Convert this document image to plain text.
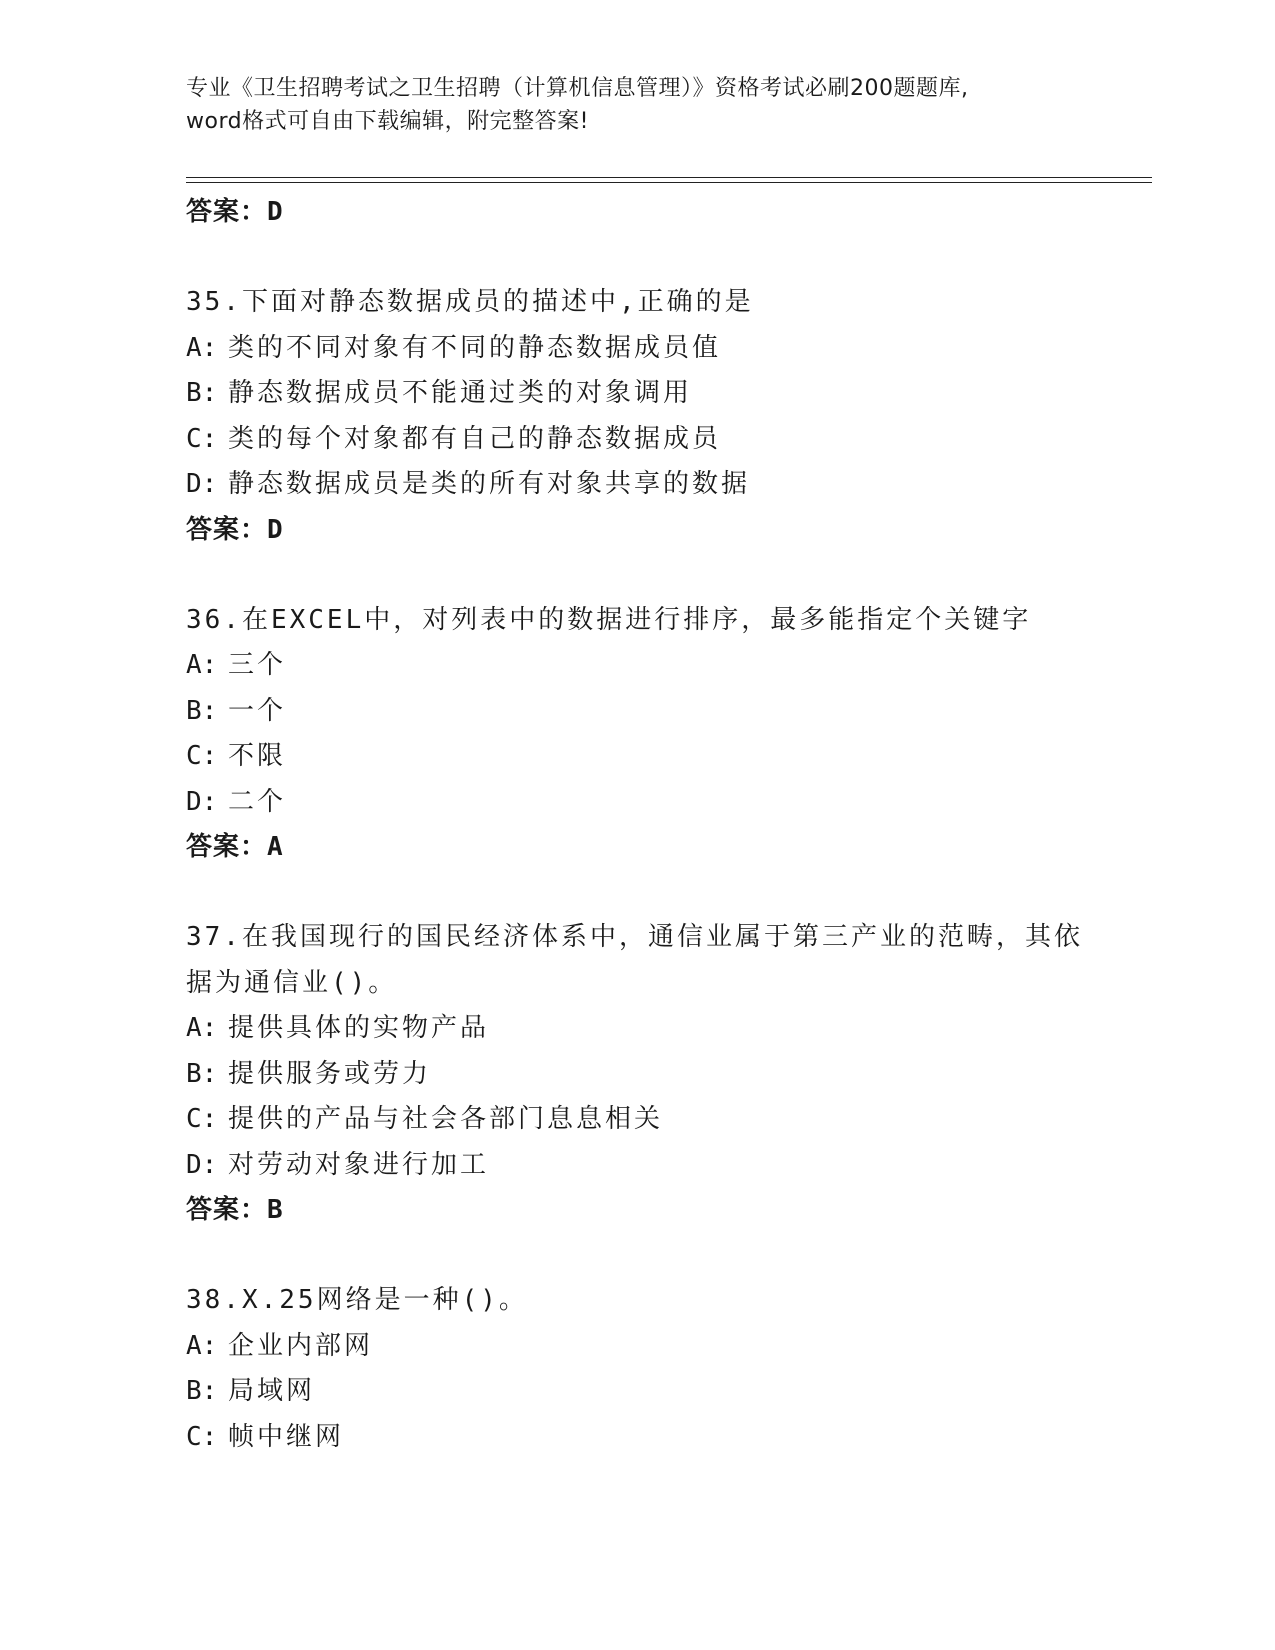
专业《卫生招聘考试之卫生招聘（计算机信息管理）》资格考试必刷200题题库,
word格式可自由下载编辑，附完整答案!
答案：D
35.下面对静态数据成员的描述中,正确的是
A: 类的不同对象有不同的静态数据成员值
B: 静态数据成员不能通过类的对象调用
C: 类的每个对象都有自己的静态数据成员
D: 静态数据成员是类的所有对象共享的数据
答案：D
36.在EXCEL中，对列表中的数据进行排序，最多能指定个关键字
A: 三个
B: 一个
C: 不限
D: 二个
答案：A
37.在我国现行的国民经济体系中，通信业属于第三产业的范畴，其依
据为通信业()。
A: 提供具体的实物产品
B: 提供服务或劳力
C: 提供的产品与社会各部门息息相关
D: 对劳动对象进行加工
答案：B
38.X.25网络是一种()。
A: 企业内部网
B: 局域网
C: 帧中继网
